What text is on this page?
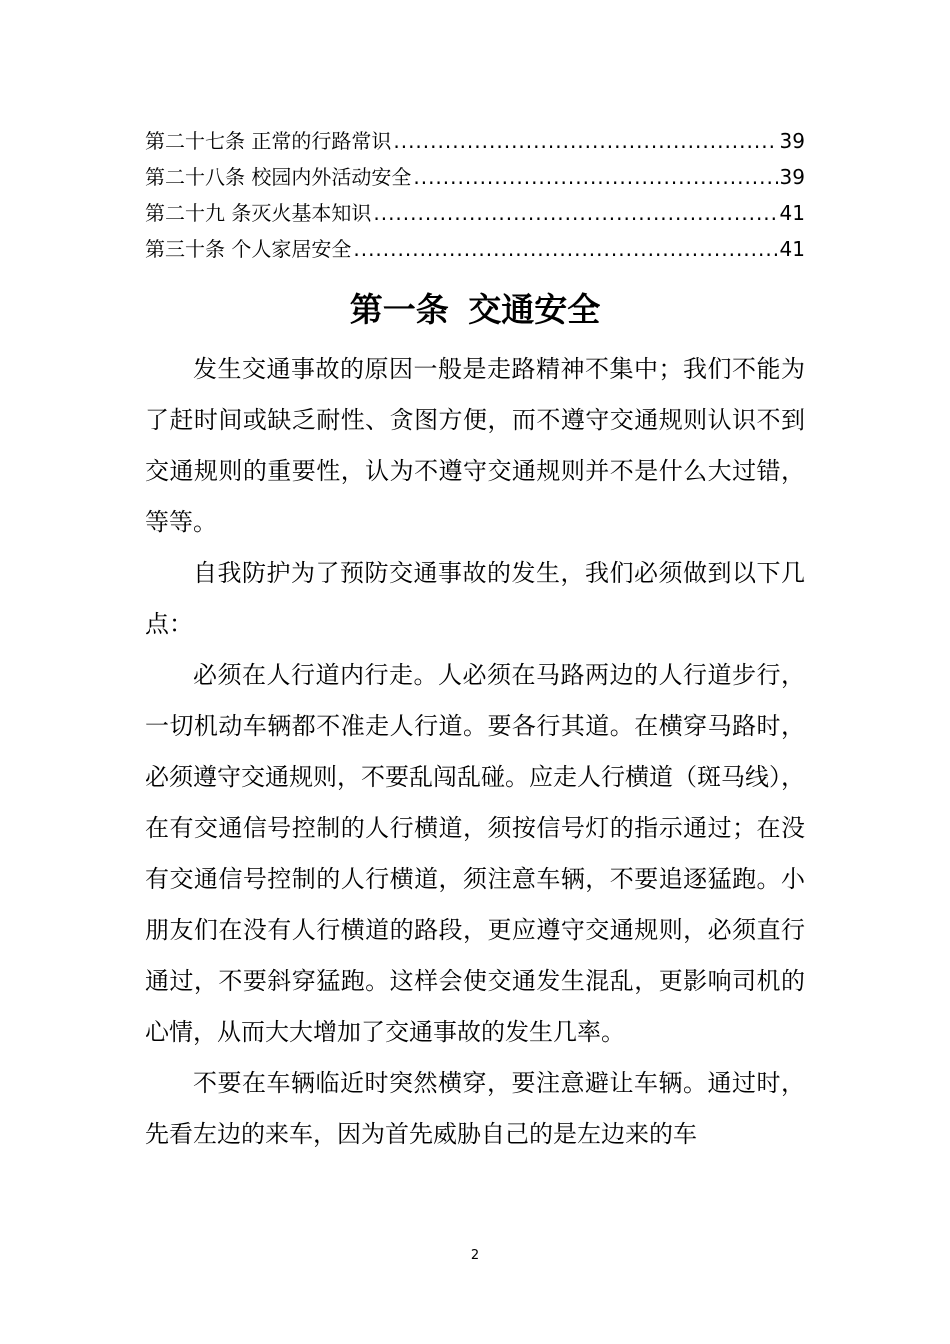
第二十七条 正常的行路常识 .....	39
第二十八条 校园内外活动安全 .....	39
第二十九 条灭火基本知识 .....	41
第三十条 个人家居安全 .....	41
第一条 交通安全

发生交通事故的原因一般是走路精神不集中；我们不能为了赶时间或缺乏耐性、贪图方便，而不遵守交通规则认识不到交通规则的重要性，认为不遵守交通规则并不是什么大过错，等等。

自我防护为了预防交通事故的发生，我们必须做到以下几点：

必须在人行道内行走。人必须在马路两边的人行道步行，一切机动车辆都不准走人行道。要各行其道。在横穿马路时，必须遵守交通规则，不要乱闯乱碰。应走人行横道（斑马线），在有交通信号控制的人行横道，须按信号灯的指示通过；在没有交通信号控制的人行横道，须注意车辆，不要追逐猛跑。小朋友们在没有人行横道的路段，更应遵守交通规则，必须直行通过，不要斜穿猛跑。这样会使交通发生混乱，更影响司机的心情，从而大大增加了交通事故的发生几率。

不要在车辆临近时突然横穿，要注意避让车辆。通过时，先看左边的来车，因为首先威胁自己的是左边来的车

2
